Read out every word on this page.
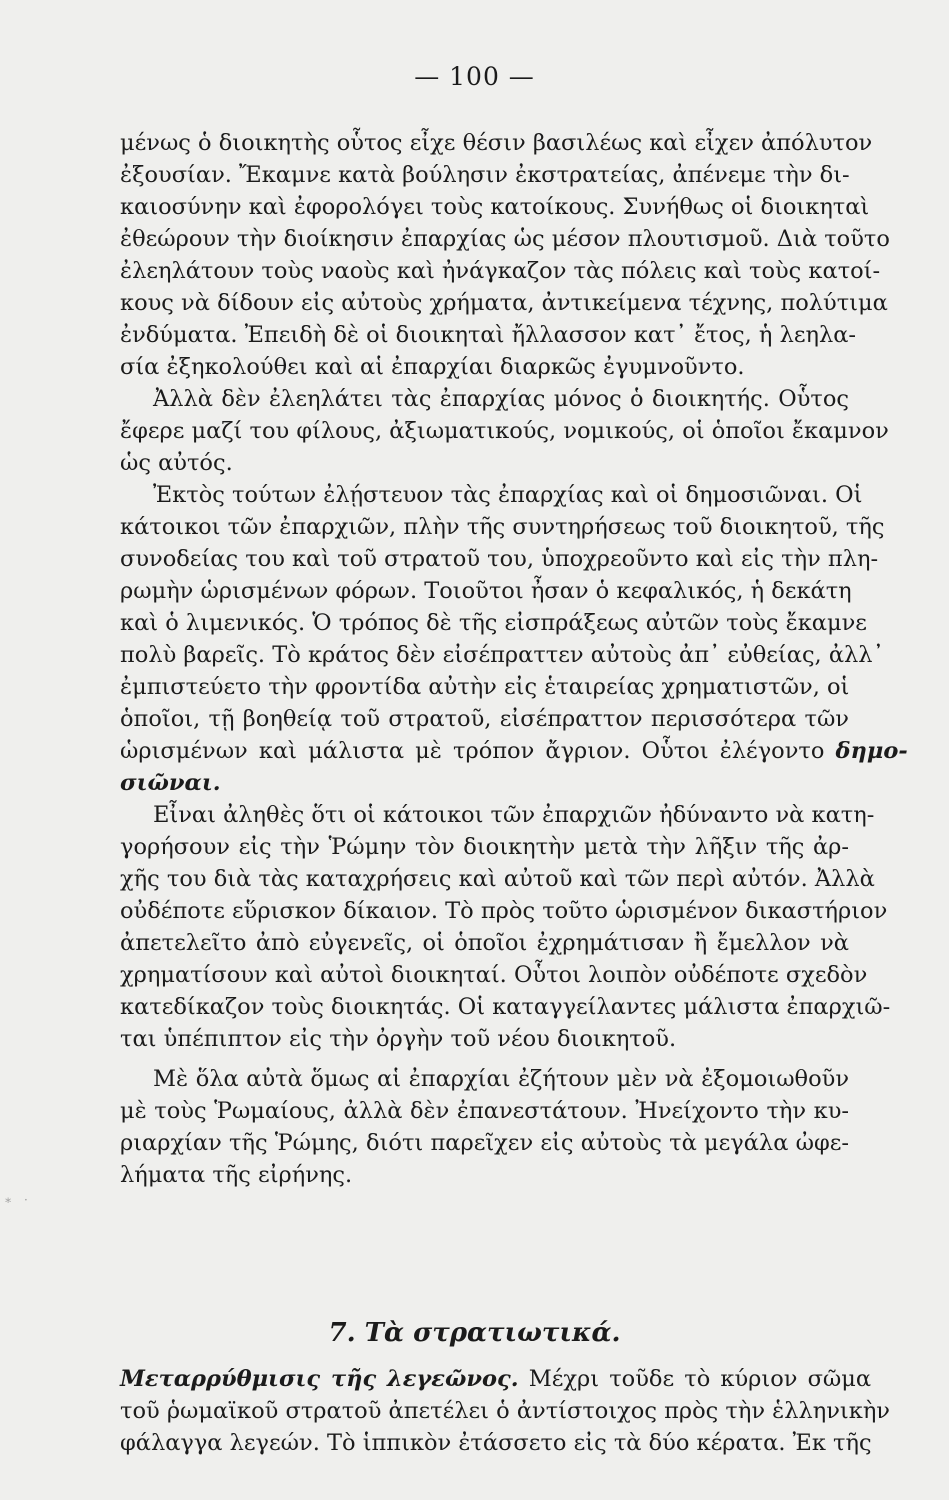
— 100 —
μένως ὁ διοικητὴς οὗτος εἶχε θέσιν βασιλέως καὶ εἶχεν ἀπόλυτον
ἐξουσίαν. Ἔκαμνε κατὰ βούλησιν ἐκστρατείας, ἀπένεμε τὴν δι-
καιοσύνην καὶ ἐφορολόγει τοὺς κατοίκους. Συνήθως οἱ διοικηταὶ
ἐθεώρουν τὴν διοίκησιν ἐπαρχίας ὡς μέσον πλουτισμοῦ. Διὰ τοῦτο
ἐλεηλάτουν τοὺς ναοὺς καὶ ἠνάγκαζον τὰς πόλεις καὶ τοὺς κατοί-
κους νὰ δίδουν εἰς αὐτοὺς χρήματα, ἀντικείμενα τέχνης, πολύτιμα
ἐνδύματα. Ἐπειδὴ δὲ οἱ διοικηταὶ ἤλλασσον κατ᾽ ἔτος, ἡ λεηλα-
σία ἐξηκολούθει καὶ αἱ ἐπαρχίαι διαρκῶς ἐγυμνοῦντο.
Ἀλλὰ δὲν ἐλεηλάτει τὰς ἐπαρχίας μόνος ὁ διοικητής. Οὗτος
ἔφερε μαζί του φίλους, ἀξιωματικούς, νομικούς, οἱ ὁποῖοι ἔκαμνον
ὡς αὐτός.
Ἐκτὸς τούτων ἐλῄστευον τὰς ἐπαρχίας καὶ οἱ δημοσιῶναι. Οἱ
κάτοικοι τῶν ἐπαρχιῶν, πλὴν τῆς συντηρήσεως τοῦ διοικητοῦ, τῆς
συνοδείας του καὶ τοῦ στρατοῦ του, ὑποχρεοῦντο καὶ εἰς τὴν πλη-
ρωμὴν ὡρισμένων φόρων. Τοιοῦτοι ἦσαν ὁ κεφαλικός, ἡ δεκάτη
καὶ ὁ λιμενικός. Ὁ τρόπος δὲ τῆς εἰσπράξεως αὐτῶν τοὺς ἔκαμνε
πολὺ βαρεῖς. Τὸ κράτος δὲν εἰσέπραττεν αὐτοὺς ἀπ᾽ εὐθείας, ἀλλ᾽
ἐμπιστεύετο τὴν φροντίδα αὐτὴν εἰς ἑταιρείας χρηματιστῶν, οἱ
ὁποῖοι, τῇ βοηθείᾳ τοῦ στρατοῦ, εἰσέπραττον περισσότερα τῶν
ὡρισμένων καὶ μάλιστα μὲ τρόπον ἄγριον. Οὗτοι ἐλέγοντο δημο-
σιῶναι.
Εἶναι ἀληθὲς ὅτι οἱ κάτοικοι τῶν ἐπαρχιῶν ἠδύναντο νὰ κατη-
γορήσουν εἰς τὴν Ῥώμην τὸν διοικητὴν μετὰ τὴν λῆξιν τῆς ἀρ-
χῆς του διὰ τὰς καταχρήσεις καὶ αὐτοῦ καὶ τῶν περὶ αὐτόν. Ἀλλὰ
οὐδέποτε εὕρισκον δίκαιον. Τὸ πρὸς τοῦτο ὡρισμένον δικαστήριον
ἀπετελεῖτο ἀπὸ εὐγενεῖς, οἱ ὁποῖοι ἐχρημάτισαν ἢ ἔμελλον νὰ
χρηματίσουν καὶ αὐτοὶ διοικηταί. Οὗτοι λοιπὸν οὐδέποτε σχεδὸν
κατεδίκαζον τοὺς διοικητάς. Οἱ καταγγείλαντες μάλιστα ἐπαρχιῶ-
ται ὑπέπιπτον εἰς τὴν ὀργὴν τοῦ νέου διοικητοῦ.
Μὲ ὅλα αὐτὰ ὅμως αἱ ἐπαρχίαι ἐζήτουν μὲν νὰ ἐξομοιωθοῦν
μὲ τοὺς Ῥωμαίους, ἀλλὰ δὲν ἐπανεστάτουν. Ἠνείχοντο τὴν κυ-
ριαρχίαν τῆς Ῥώμης, διότι παρεῖχεν εἰς αὐτοὺς τὰ μεγάλα ὠφε-
λήματα τῆς εἰρήνης.
∗ ·
7. Τὰ στρατιωτικά.
Μεταρρύθμισις τῆς λεγεῶνος. Μέχρι τοῦδε τὸ κύριον σῶμα
τοῦ ῥωμαϊκοῦ στρατοῦ ἀπετέλει ὁ ἀντίστοιχος πρὸς τὴν ἑλληνικὴν
φάλαγγα λεγεών. Τὸ ἱππικὸν ἐτάσσετο εἰς τὰ δύο κέρατα. Ἐκ τῆς
